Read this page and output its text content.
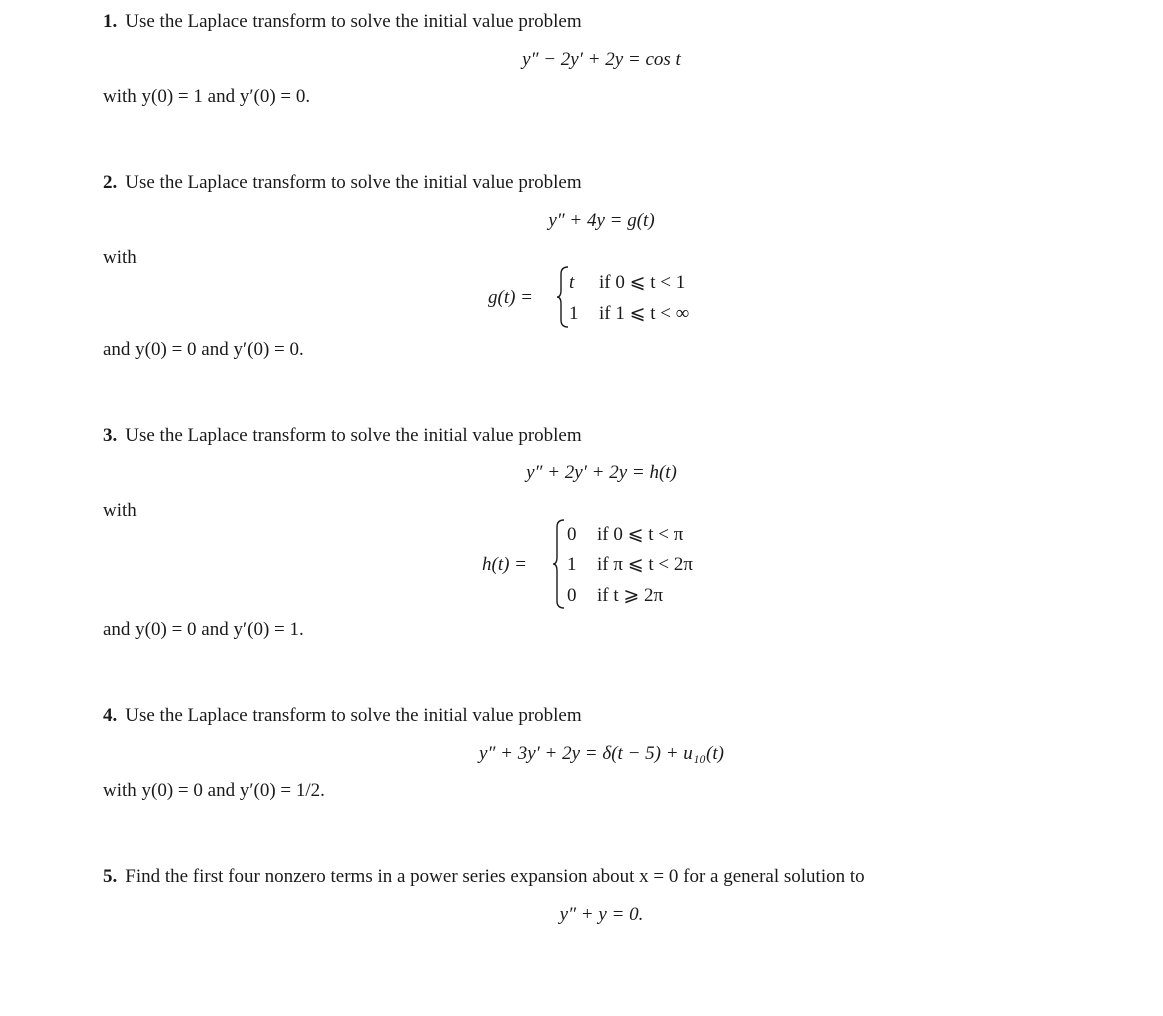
1. Use the Laplace transform to solve the initial value problem
y″ − 2y′ + 2y = cos t
with y(0) = 1 and y′(0) = 0.
2. Use the Laplace transform to solve the initial value problem
y″ + 4y = g(t)
with
g(t) =
t if 0 ⩽ t < 1
1 if 1 ⩽ t < ∞
and y(0) = 0 and y′(0) = 0.
3. Use the Laplace transform to solve the initial value problem
y″ + 2y′ + 2y = h(t)
with
h(t) =
0 if 0 ⩽ t < π
1 if π ⩽ t < 2π
0 if t ⩾ 2π
and y(0) = 0 and y′(0) = 1.
4. Use the Laplace transform to solve the initial value problem
y″ + 3y′ + 2y = δ(t − 5) + u₁₀(t)
with y(0) = 0 and y′(0) = 1/2.
5. Find the first four nonzero terms in a power series expansion about x = 0 for a general solution to
y″ + y = 0.
